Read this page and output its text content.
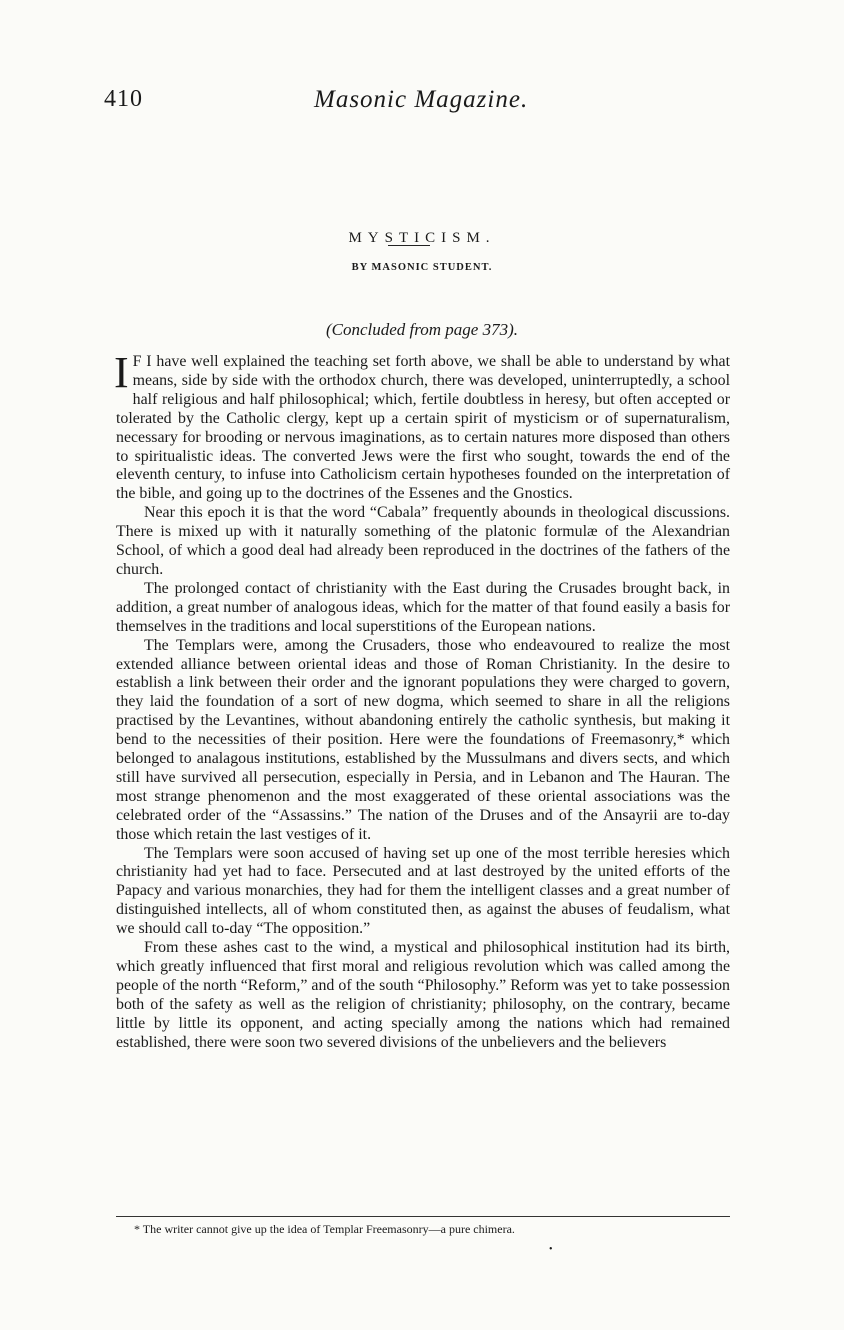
410	Masonic Magazine.
MYSTICISM.
BY MASONIC STUDENT.
(Concluded from page 373).

I F I have well explained the teaching set forth above, we shall be able to understand by what means, side by side with the orthodox church, there was developed, uninterruptedly, a school half religious and half philosophical; which, fertile doubtless in heresy, but often accepted or tolerated by the Catholic clergy, kept up a certain spirit of mysticism or of supernaturalism, necessary for brooding or nervous imaginations, as to certain natures more disposed than others to spiritualistic ideas. The converted Jews were the first who sought, towards the end of the eleventh century, to infuse into Catholicism certain hypotheses founded on the interpretation of the bible, and going up to the doctrines of the Essenes and the Gnostics.

Near this epoch it is that the word “Cabala” frequently abounds in theological discussions. There is mixed up with it naturally something of the platonic formulæ of the Alexandrian School, of which a good deal had already been reproduced in the doctrines of the fathers of the church.

The prolonged contact of christianity with the East during the Crusades brought back, in addition, a great number of analogous ideas, which for the matter of that found easily a basis for themselves in the traditions and local superstitions of the European nations.

The Templars were, among the Crusaders, those who endeavoured to realize the most extended alliance between oriental ideas and those of Roman Christianity. In the desire to establish a link between their order and the ignorant populations they were charged to govern, they laid the foundation of a sort of new dogma, which seemed to share in all the religions practised by the Levantines, without abandoning entirely the catholic synthesis, but making it bend to the necessities of their position. Here were the foundations of Freemasonry,* which belonged to analagous institutions, established by the Mussulmans and divers sects, and which still have survived all persecution, especially in Persia, and in Lebanon and The Hauran. The most strange phenomenon and the most exaggerated of these oriental associations was the celebrated order of the “Assassins.” The nation of the Druses and of the Ansayrii are to-day those which retain the last vestiges of it.

The Templars were soon accused of having set up one of the most terrible heresies which christianity had yet had to face. Persecuted and at last destroyed by the united efforts of the Papacy and various monarchies, they had for them the intelligent classes and a great number of distinguished intellects, all of whom constituted then, as against the abuses of feudalism, what we should call to-day “The opposition.”

From these ashes cast to the wind, a mystical and philosophical institution had its birth, which greatly influenced that first moral and religious revolution which was called among the people of the north “Reform,” and of the south “Philosophy.” Reform was yet to take possession both of the safety as well as the religion of christianity; philosophy, on the contrary, became little by little its opponent, and acting specially among the nations which had remained established, there were soon two severed divisions of the unbelievers and the believers

* The writer cannot give up the idea of Templar Freemasonry—a pure chimera.
•
